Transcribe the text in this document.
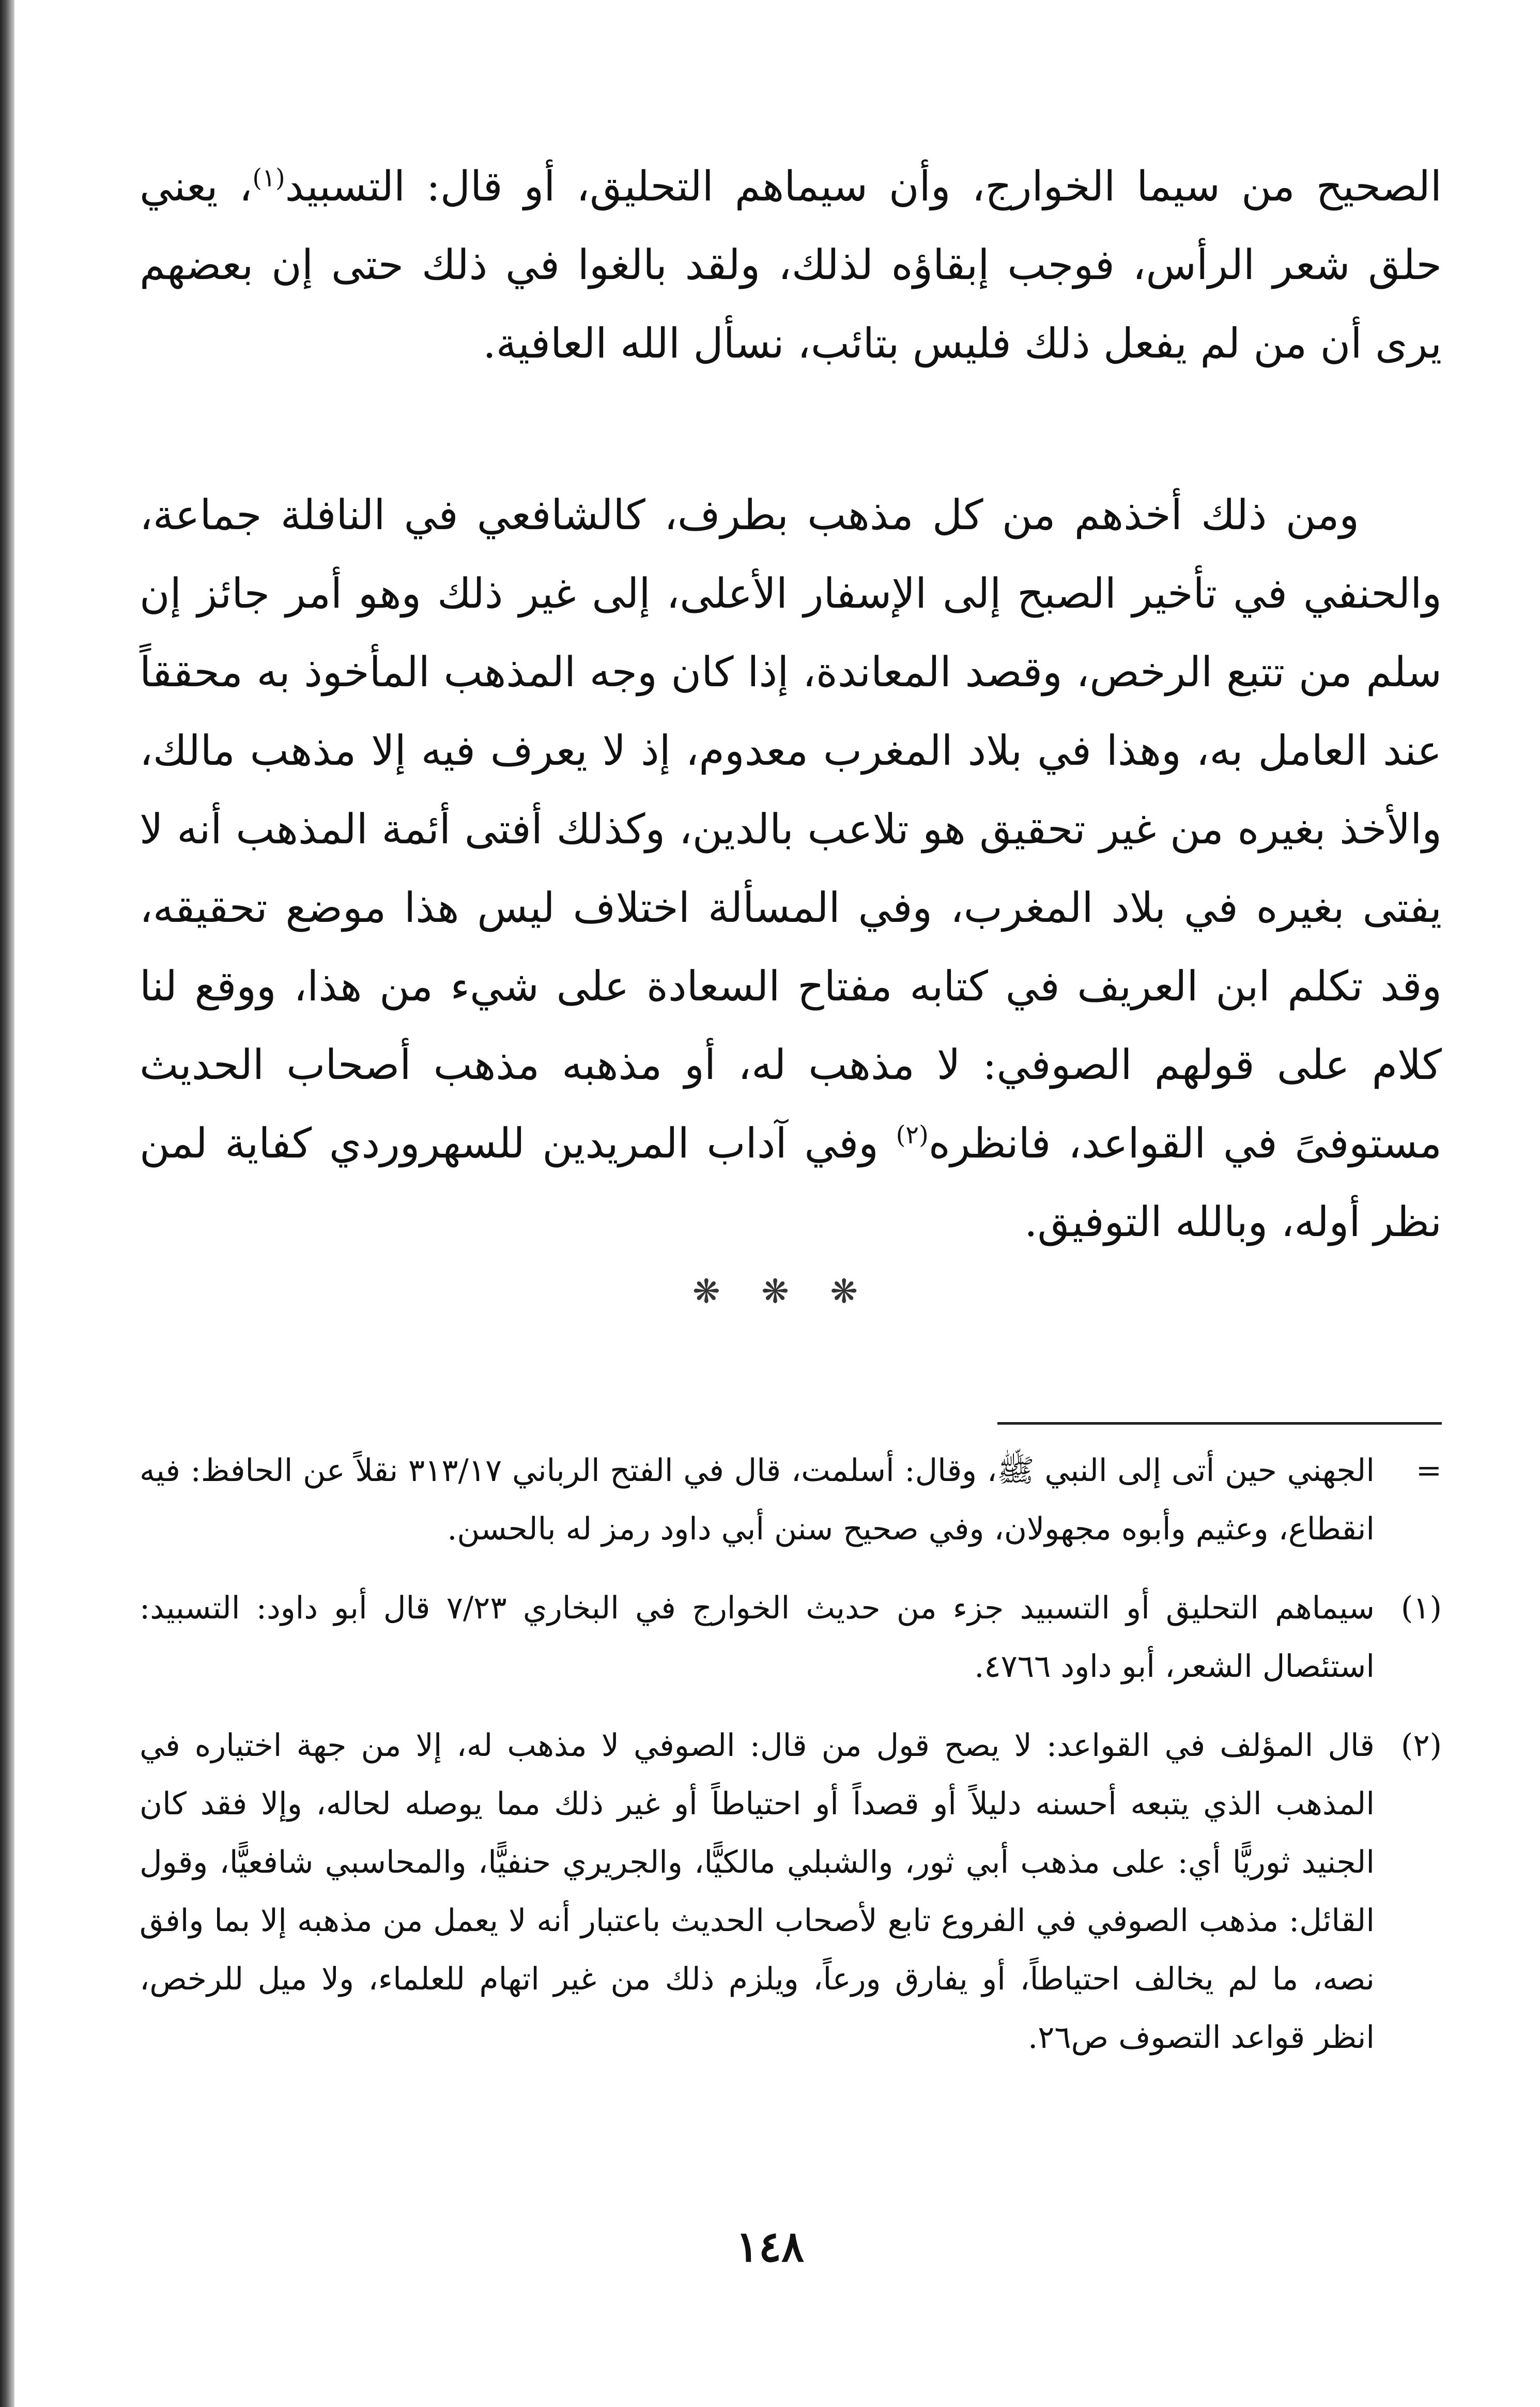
الصحيح من سيما الخوارج، وأن سيماهم التحليق، أو قال: التسبيد$^{(١)}$، يعني حلق شعر الرأس، فوجب إبقاؤه لذلك، ولقد بالغوا في ذلك حتى إن بعضهم يرى أن من لم يفعل ذلك فليس بتائب، نسأل الله العافية.

ومن ذلك أخذهم من كل مذهب بطرف، كالشافعي في النافلة جماعة، والحنفي في تأخير الصبح إلى الإسفار الأعلى، إلى غير ذلك وهو أمر جائز إن سلم من تتبع الرخص، وقصد المعاندة، إذا كان وجه المذهب المأخوذ به محققاً عند العامل به، وهذا في بلاد المغرب معدوم، إذ لا يعرف فيه إلا مذهب مالك، والأخذ بغيره من غير تحقيق هو تلاعب بالدين، وكذلك أفتى أئمة المذهب أنه لا يفتى بغيره في بلاد المغرب، وفي المسألة اختلاف ليس هذا موضع تحقيقه، وقد تكلم ابن العريف في كتابه مفتاح السعادة على شيء من هذا، ووقع لنا كلام على قولهم الصوفي: لا مذهب له، أو مذهبه مذهب أصحاب الحديث مستوفىً في القواعد، فانظره$^{(٢)}$ وفي آداب المريدين للسهروردي كفاية لمن نظر أوله، وبالله التوفيق.

❋ ❋ ❋
=
الجهني حين أتى إلى النبي ﷺ، وقال: أسلمت، قال في الفتح الرباني ٣١٣/١٧ نقلاً عن الحافظ: فيه انقطاع، وعثيم وأبوه مجهولان، وفي صحيح سنن أبي داود رمز له بالحسن.
(١)
سيماهم التحليق أو التسبيد جزء من حديث الخوارج في البخاري ٧/٢٣ قال أبو داود: التسبيد: استئصال الشعر، أبو داود ٤٧٦٦.
(٢)
قال المؤلف في القواعد: لا يصح قول من قال: الصوفي لا مذهب له، إلا من جهة اختياره في المذهب الذي يتبعه أحسنه دليلاً أو قصداً أو احتياطاً أو غير ذلك مما يوصله لحاله، وإلا فقد كان الجنيد ثوريًّا أي: على مذهب أبي ثور، والشبلي مالكيًّا، والجريري حنفيًّا، والمحاسبي شافعيًّا، وقول القائل: مذهب الصوفي في الفروع تابع لأصحاب الحديث باعتبار أنه لا يعمل من مذهبه إلا بما وافق نصه، ما لم يخالف احتياطاً، أو يفارق ورعاً، ويلزم ذلك من غير اتهام للعلماء، ولا ميل للرخص، انظر قواعد التصوف ص٢٦.
١٤٨
